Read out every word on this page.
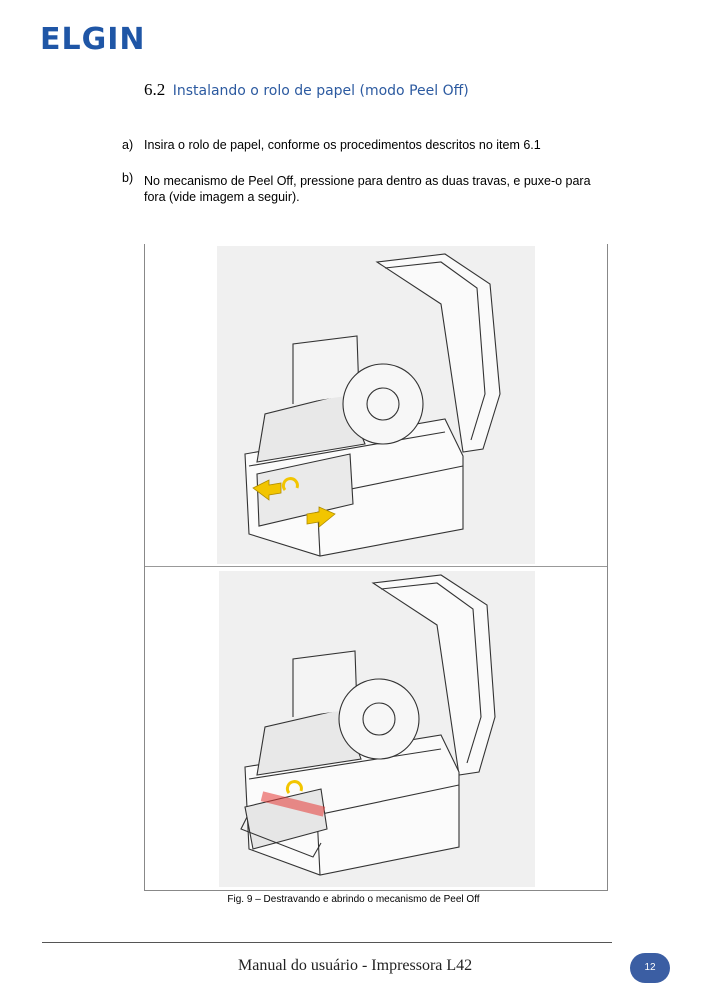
ELGIN
6.2 Instalando o rolo de papel (modo Peel Off)
a) Insira o rolo de papel, conforme os procedimentos descritos no item 6.1
b) No mecanismo de Peel Off, pressione para dentro as duas travas, e puxe-o para fora (vide imagem a seguir).
Fig. 9 – Destravando e abrindo o mecanismo de Peel Off
Manual do usuário - Impressora L42	12
